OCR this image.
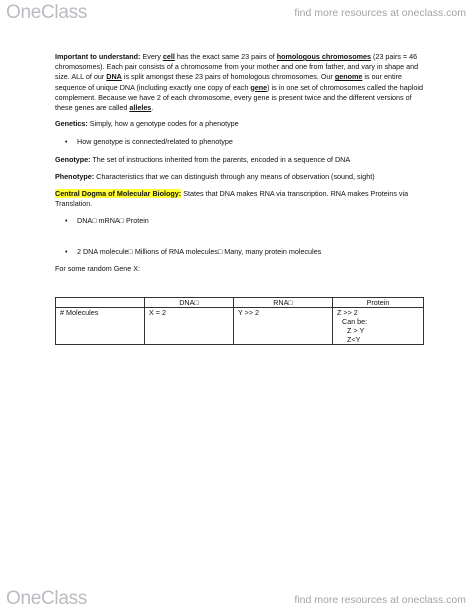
OneClass	find more resources at oneclass.com

Important to understand: Every cell has the exact same 23 pairs of homologous chromosomes (23 pairs = 46 chromosomes). Each pair consists of a chromosome from your mother and one from father, and vary in shape and size. ALL of our DNA is split amongst these 23 pairs of homologous chromosomes. Our genome is our entire sequence of unique DNA (including exactly one copy of each gene) is in one set of chromosomes called the haploid complement. Because we have 2 of each chromosome, every gene is present twice and the different versions of these genes are called alleles.

Genetics: Simply, how a genotype codes for a phenotype

• How genotype is connected/related to phenotype

Genotype: The set of instructions inherited from the parents, encoded in a sequence of DNA

Phenotype: Characteristics that we can distinguish through any means of observation (sound, sight)

Central Dogma of Molecular Biology: States that DNA makes RNA via transcription. RNA makes Proteins via Translation.

• DNA□ mRNA□ Protein

• 2 DNA molecule□ Millions of RNA molecules□ Many, many protein molecules

For some random Gene X:

	DNA□	RNA□	Protein
# Molecules	X = 2	Y >> 2	Z >> 2
Can be:
Z > Y
Z<Y
OneClass	find more resources at oneclass.com
